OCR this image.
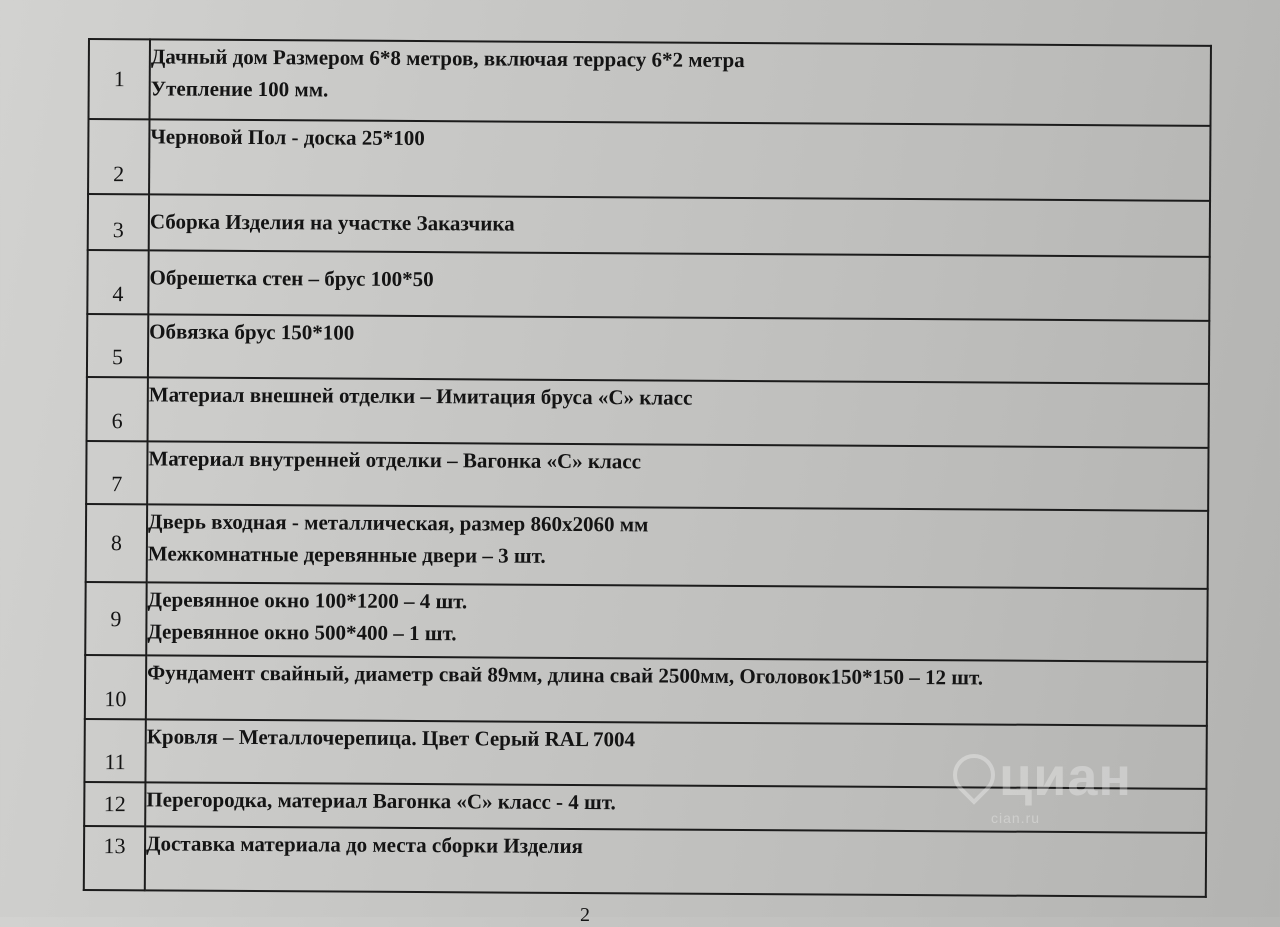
1	Дачный дом Размером 6*8 метров, включая террасу 6*2 метра
Утепление 100 мм.

2	Черновой Пол - доска 25*100

3	Сборка Изделия на участке Заказчика

4	Обрешетка стен – брус 100*50

5	Обвязка брус 150*100

6	Материал внешней отделки – Имитация бруса «С» класс

7	Материал внутренней отделки – Вагонка «С» класс

8	Дверь входная - металлическая, размер 860x2060 мм
Межкомнатные деревянные двери – 3 шт.

9	Деревянное окно 100*1200 – 4 шт.
Деревянное окно 500*400 – 1 шт.

10	Фундамент свайный, диаметр свай 89мм, длина свай 2500мм, Оголовок150*150 – 12 шт.

11	Кровля – Металлочерепица. Цвет Серый RAL 7004

12	Перегородка, материал Вагонка «С» класс - 4 шт.

13	Доставка материала до места сборки Изделия
циан
cian.ru
2
